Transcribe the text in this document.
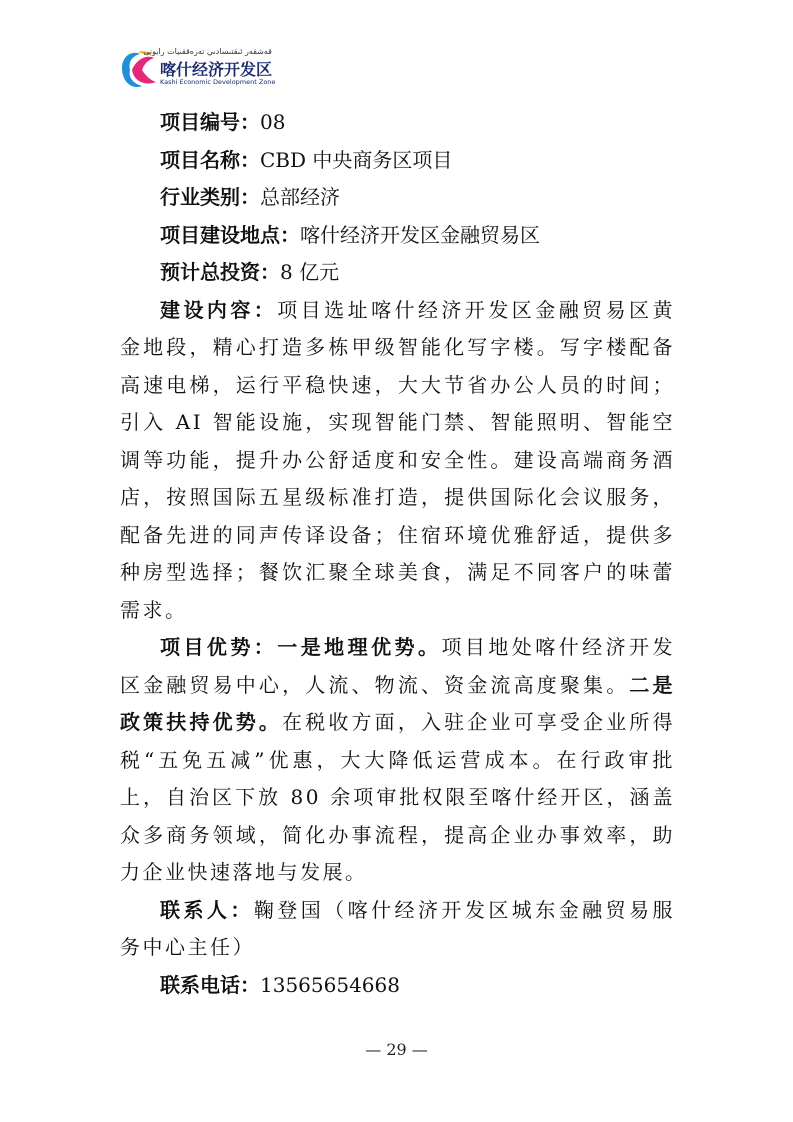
قەشقەر ئىقتىسادىي تەرەققىيات رايونى
喀什经济开发区
Kashi Economic Development Zone

项目编号：08

项目名称：CBD 中央商务区项目

行业类别：总部经济

项目建设地点：喀什经济开发区金融贸易区

预计总投资：8 亿元

建设内容：项目选址喀什经济开发区金融贸易区黄金地段，精心打造多栋甲级智能化写字楼。写字楼配备高速电梯，运行平稳快速，大大节省办公人员的时间；引入 AI 智能设施，实现智能门禁、智能照明、智能空调等功能，提升办公舒适度和安全性。建设高端商务酒店，按照国际五星级标准打造，提供国际化会议服务，配备先进的同声传译设备；住宿环境优雅舒适，提供多种房型选择；餐饮汇聚全球美食，满足不同客户的味蕾需求。

项目优势：一是地理优势。项目地处喀什经济开发区金融贸易中心，人流、物流、资金流高度聚集。二是政策扶持优势。在税收方面，入驻企业可享受企业所得税“五免五减”优惠，大大降低运营成本。在行政审批上，自治区下放 80 余项审批权限至喀什经开区，涵盖众多商务领域，简化办事流程，提高企业办事效率，助力企业快速落地与发展。

联系人：鞠登国（喀什经济开发区城东金融贸易服务中心主任）

联系电话：13565654668

— 29 —
